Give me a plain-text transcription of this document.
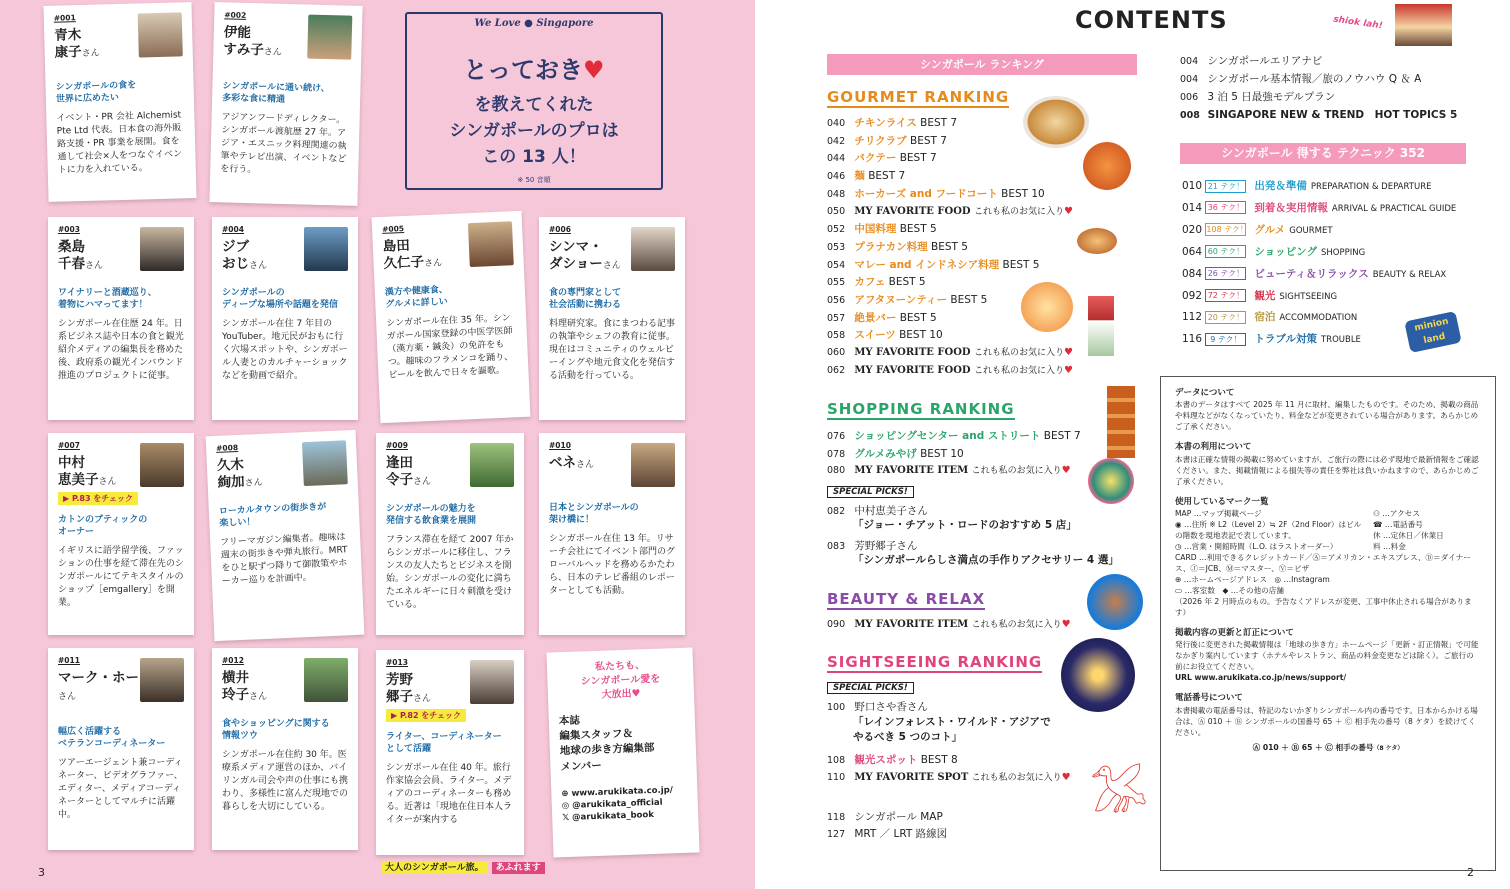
#001
青木
康子さん
シンガポールの食を
世界に広めたい
イベント・PR 会社 Alchemist Pte Ltd 代表。日本食の海外販路支援・PR 事業を展開。食を通して社会×人をつなぐイベントに力を入れている。
#002
伊能
すみ子さん
シンガポールに通い続け、
多彩な食に精通
アジアンフードディレクター。シンガポール渡航歴 27 年。アジア・エスニック料理関連の執筆やテレビ出演、イベントなどを行う。
We Love ● Singapore
とっておき♥
を教えてくれた
シンガポールのプロは
この 13 人！
※ 50 音順
#003
桑島
千春さん
ワイナリーと酒蔵巡り、
着物にハマってます！
シンガポール在住歴 24 年。日系ビジネス誌や日本の食と観光紹介メディアの編集長を務めた後、政府系の観光インバウンド推進のプロジェクトに従事。
#004
ジブ
おじさん
シンガポールの
ディープな場所や話題を発信
シンガポール在住 7 年目の YouTuber。地元民がおもに行く穴場スポットや、シンガポール人妻とのカルチャーショックなどを動画で紹介。
#005
島田
久仁子さん
漢方や健康食、
グルメに詳しい
シンガポール在住 35 年。シンガポール国家登録の中医学医師（漢方薬・鍼灸）の免許をもつ。趣味のフラメンコを踊り、ビールを飲んで日々を謳歌。
#006
シンマ・
ダショーさん
食の専門家として
社会活動に携わる
料理研究家。食にまつわる記事の執筆やシェフの教育に従事。現在はコミュニティのウェルビーイングや地元食文化を発信する活動を行っている。
#007
中村
恵美子さん
▶ P.83 をチェック
カトンのブティックの
オーナー
イギリスに語学留学後、ファッションの仕事を経て滞在先のシンガポールにてテキスタイルのショップ［emgallery］を開業。
#008
久木
絢加さん
ローカルタウンの街歩きが
楽しい！
フリーマガジン編集者。趣味は週末の街歩きや弾丸旅行。MRT をひと駅ずつ降りて御散策やホーカー巡りを計画中。
#009
逢田
令子さん
シンガポールの魅力を
発信する飲食業を展開
フランス滞在を経て 2007 年からシンガポールに移住し、フランスの友人たちとビジネスを開始。シンガポールの変化に満ちたエネルギーに日々刺激を受けている。
#010
ベネさん
日本とシンガポールの
架け橋に！
シンガポール在住 13 年。リサーチ会社にてイベント部門のグローバルヘッドを務めるかたわら、日本のテレビ番組のレポーターとしても活動。
#011
マーク・ホー
さん
幅広く活躍する
ベテランコーディネーター
ツアーエージェント兼コーディネーター、ビデオグラファー、エディター、メディアコーディネーターとしてマルチに活躍中。
#012
横井
玲子さん
食やショッピングに関する
情報ツウ
シンガポール在住約 30 年。医療系メディア運営のほか、バイリンガル司会や声の仕事にも携わり、多様性に富んだ現地での暮らしを大切にしている。
#013
芳野
郷子さん
▶ P.82 をチェック
ライター、コーディネーター
として活躍
シンガポール在住 40 年。旅行作家協会会員、ライター。メディアのコーディネーターも務める。近著は「現地在住日本人ライターが案内する
私たちも、
シンガポール愛を
大放出♥
本誌
編集スタッフ＆
地球の歩き方編集部
メンバー
⊕ www.arukikata.co.jp/
◎ @arukikata_official
𝕏 @arukikata_book
3	大人のシンガポール旅。 あふれます
CONTENTS	shiok lah!
シンガポール ランキング
GOURMET RANKING
040 チキンライス BEST 7
042 チリクラブ BEST 7
044 バクテー BEST 7
046 麺 BEST 7
048 ホーカーズ and フードコート BEST 10
050 MY FAVORITE FOOD これも私のお気に入り♥
052 中国料理 BEST 5
053 プラナカン料理 BEST 5
054 マレー and インドネシア料理 BEST 5
055 カフェ BEST 5
056 アフタヌーンティー BEST 5
057 絶景バー BEST 5
058 スイーツ BEST 10
060 MY FAVORITE FOOD これも私のお気に入り♥
062 MY FAVORITE FOOD これも私のお気に入り♥
SHOPPING RANKING
076 ショッピングセンター and ストリート BEST 7
078 グルメみやげ BEST 10
080 MY FAVORITE ITEM これも私のお気に入り♥
SPECIAL PICKS!
082 中村恵美子さん
「ジョー・チアット・ロードのおすすめ 5 店」
083 芳野郷子さん
「シンガポールらしさ満点の手作りアクセサリー 4 選」
BEAUTY & RELAX
090 MY FAVORITE ITEM これも私のお気に入り♥
SIGHTSEEING RANKING
SPECIAL PICKS!
100 野口さや香さん
「レインフォレスト・ワイルド・アジアで
やるべき 5 つのコト」
108 観光スポット BEST 8
110 MY FAVORITE SPOT これも私のお気に入り♥
118 シンガポール MAP
127 MRT ／ LRT 路線図
𓅮
004 シンガポールエリアナビ
004 シンガポール基本情報／旅のノウハウ Q ＆ A
006 3 泊 5 日最強モデルプラン
008 SINGAPORE NEW & TREND　HOT TOPICS 5
シンガポール 得する テクニック 352
010 21 テク！ 出発＆準備 PREPARATION & DEPARTURE
014 36 テク！ 到着＆実用情報 ARRIVAL & PRACTICAL GUIDE
020 108 テク！ グルメ GOURMET
064 60 テク！ ショッピング SHOPPING
084 26 テク！ ビューティ＆リラックス BEAUTY & RELAX
092 72 テク！ 観光 SIGHTSEEING
112 20 テク！ 宿泊 ACCOMMODATION
116 9 テク！ トラブル対策 TROUBLE
minion
land
データについて
本書のデータはすべて 2025 年 11 月に取材、編集したものです。そのため、掲載の商品や料理などがなくなっていたり、料金などが変更されている場合があります。あらかじめご了承ください。
本書の利用について
本書は正確な情報の掲載に努めていますが、ご旅行の際には必ず現地で最新情報をご確認ください。また、掲載情報による損失等の責任を弊社は負いかねますので、あらかじめご了承ください。
使用しているマーク一覧
MAP …マップ掲載ページ
◉ …住所 ※ L2（Level 2）≒ 2F（2nd Floor）はビルの階数を現地表記で表しています。
◷ …営業・開館時間（L.O. はラストオーダー）
⚇ …アクセス
☎ …電話番号
休 …定休日／休業日
料 …料金
CARD …利用できるクレジットカード／Ⓐ＝アメリカン・エキスプレス、Ⓓ＝ダイナース、Ⓙ＝JCB、Ⓜ＝マスター、Ⓥ＝ビザ
⊕ …ホームページアドレス　◎ …Instagram
▭ …客室数　◆ …その他の店舗
（2026 年 2 月時点のもの。予告なくアドレスが変更、工事中休止される場合があります）
掲載内容の更新と訂正について
発行後に変更された掲載情報は「地球の歩き方」ホームページ「更新・訂正情報」で可能なかぎり案内しています（ホテルやレストラン、商品の料金変更などは除く）。ご旅行の前にお役立てください。
URL www.arukikata.co.jp/news/support/
電話番号について
本書掲載の電話番号は、特記のないかぎりシンガポール内の番号です。日本からかける場合は、Ⓐ 010 ＋ Ⓑ シンガポールの国番号 65 ＋ Ⓒ 相手先の番号（8 ケタ）を続けてください。
Ⓐ 010 ＋ Ⓑ 65 ＋ Ⓒ 相手の番号（8 ケタ）
2
